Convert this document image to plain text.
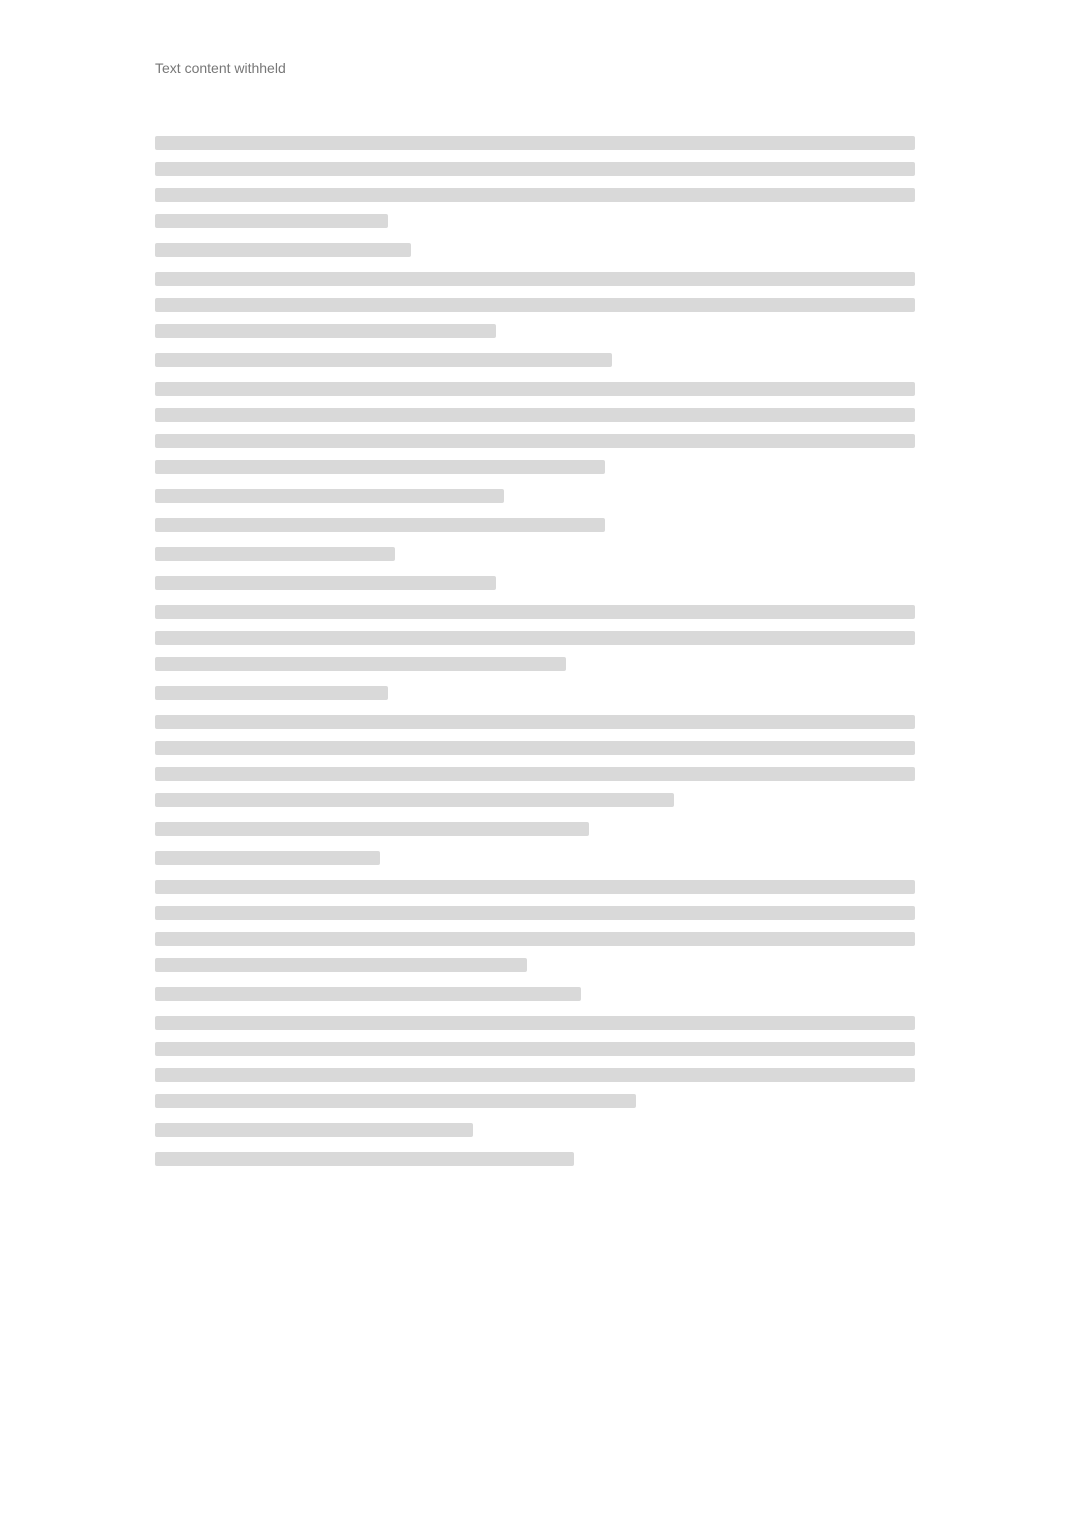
Text content withheld
